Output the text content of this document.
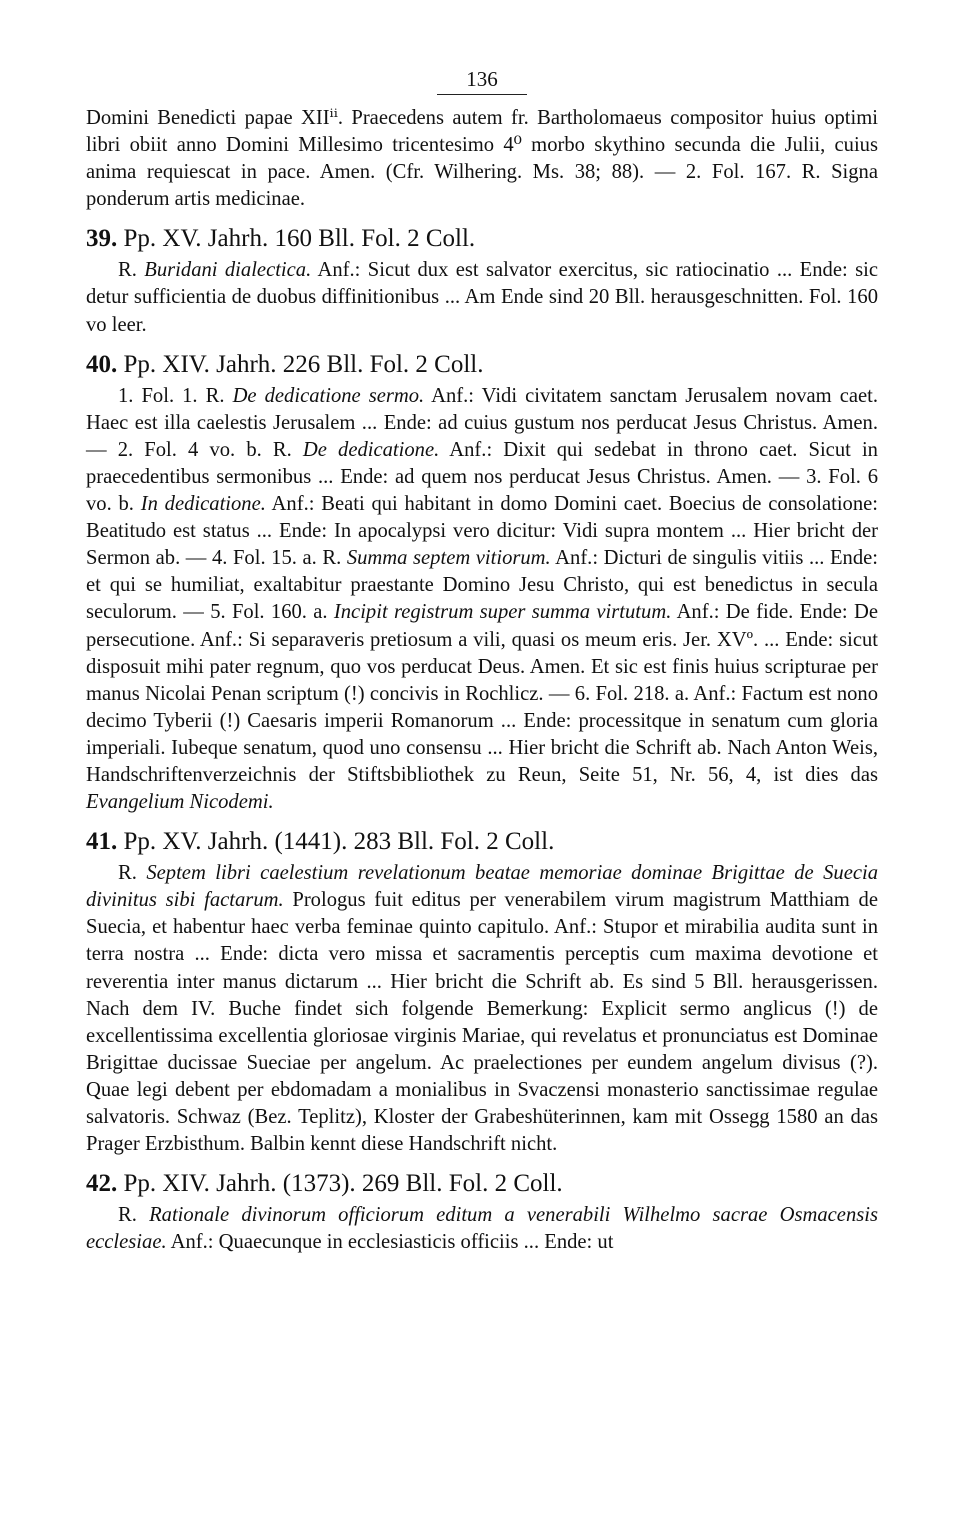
136

Domini Benedicti papae XIIⁱⁱ. Praecedens autem fr. Bartholomaeus compositor huius optimi libri obiit anno Domini Millesimo tricentesimo 4⁰ morbo skythino secunda die Julii, cuius anima requiescat in pace. Amen. (Cfr. Wilhering. Ms. 38; 88). — 2. Fol. 167. R. Signa ponderum artis medicinae.

39. Pp. XV. Jahrh. 160 Bll. Fol. 2 Coll.

R. Buridani dialectica. Anf.: Sicut dux est salvator exercitus, sic ratiocinatio ... Ende: sic detur sufficientia de duobus diffinitionibus ... Am Ende sind 20 Bll. herausgeschnitten. Fol. 160 vo leer.

40. Pp. XIV. Jahrh. 226 Bll. Fol. 2 Coll.

1. Fol. 1. R. De dedicatione sermo. Anf.: Vidi civitatem sanctam Jerusalem novam caet. Haec est illa caelestis Jerusalem ... Ende: ad cuius gustum nos perducat Jesus Christus. Amen. — 2. Fol. 4 vo. b. R. De dedicatione. Anf.: Dixit qui sedebat in throno caet. Sicut in praecedentibus sermonibus ... Ende: ad quem nos perducat Jesus Christus. Amen. — 3. Fol. 6 vo. b. In dedicatione. Anf.: Beati qui habitant in domo Domini caet. Boecius de consolatione: Beatitudo est status ... Ende: In apocalypsi vero dicitur: Vidi supra montem ... Hier bricht der Sermon ab. — 4. Fol. 15. a. R. Summa septem vitiorum. Anf.: Dicturi de singulis vitiis ... Ende: et qui se humiliat, exaltabitur praestante Domino Jesu Christo, qui est benedictus in secula seculorum. — 5. Fol. 160. a. Incipit registrum super summa virtutum. Anf.: De fide. Ende: De persecutione. Anf.: Si separaveris pretiosum a vili, quasi os meum eris. Jer. XVº. ... Ende: sicut disposuit mihi pater regnum, quo vos perducat Deus. Amen. Et sic est finis huius scripturae per manus Nicolai Penan scriptum (!) concivis in Rochlicz. — 6. Fol. 218. a. Anf.: Factum est nono decimo Tyberii (!) Caesaris imperii Romanorum ... Ende: processitque in senatum cum gloria imperiali. Iubeque senatum, quod uno consensu ... Hier bricht die Schrift ab. Nach Anton Weis, Handschriftenverzeichnis der Stiftsbibliothek zu Reun, Seite 51, Nr. 56, 4, ist dies das Evangelium Nicodemi.

41. Pp. XV. Jahrh. (1441). 283 Bll. Fol. 2 Coll.

R. Septem libri caelestium revelationum beatae memoriae dominae Brigittae de Suecia divinitus sibi factarum. Prologus fuit editus per venerabilem virum magistrum Matthiam de Suecia, et habentur haec verba feminae quinto capitulo. Anf.: Stupor et mirabilia audita sunt in terra nostra ... Ende: dicta vero missa et sacramentis perceptis cum maxima devotione et reverentia inter manus dictarum ... Hier bricht die Schrift ab. Es sind 5 Bll. herausgerissen. Nach dem IV. Buche findet sich folgende Bemerkung: Explicit sermo anglicus (!) de excellentissima excellentia gloriosae virginis Mariae, qui revelatus et pronunciatus est Dominae Brigittae ducissae Sueciae per angelum. Ac praelectiones per eundem angelum divisus (?). Quae legi debent per ebdomadam a monialibus in Svaczensi monasterio sanctissimae regulae salvatoris. Schwaz (Bez. Teplitz), Kloster der Grabeshüterinnen, kam mit Ossegg 1580 an das Prager Erzbisthum. Balbin kennt diese Handschrift nicht.

42. Pp. XIV. Jahrh. (1373). 269 Bll. Fol. 2 Coll.

R. Rationale divinorum officiorum editum a venerabili Wilhelmo sacrae Osmacensis ecclesiae. Anf.: Quaecunque in ecclesiasticis officiis ... Ende: ut
